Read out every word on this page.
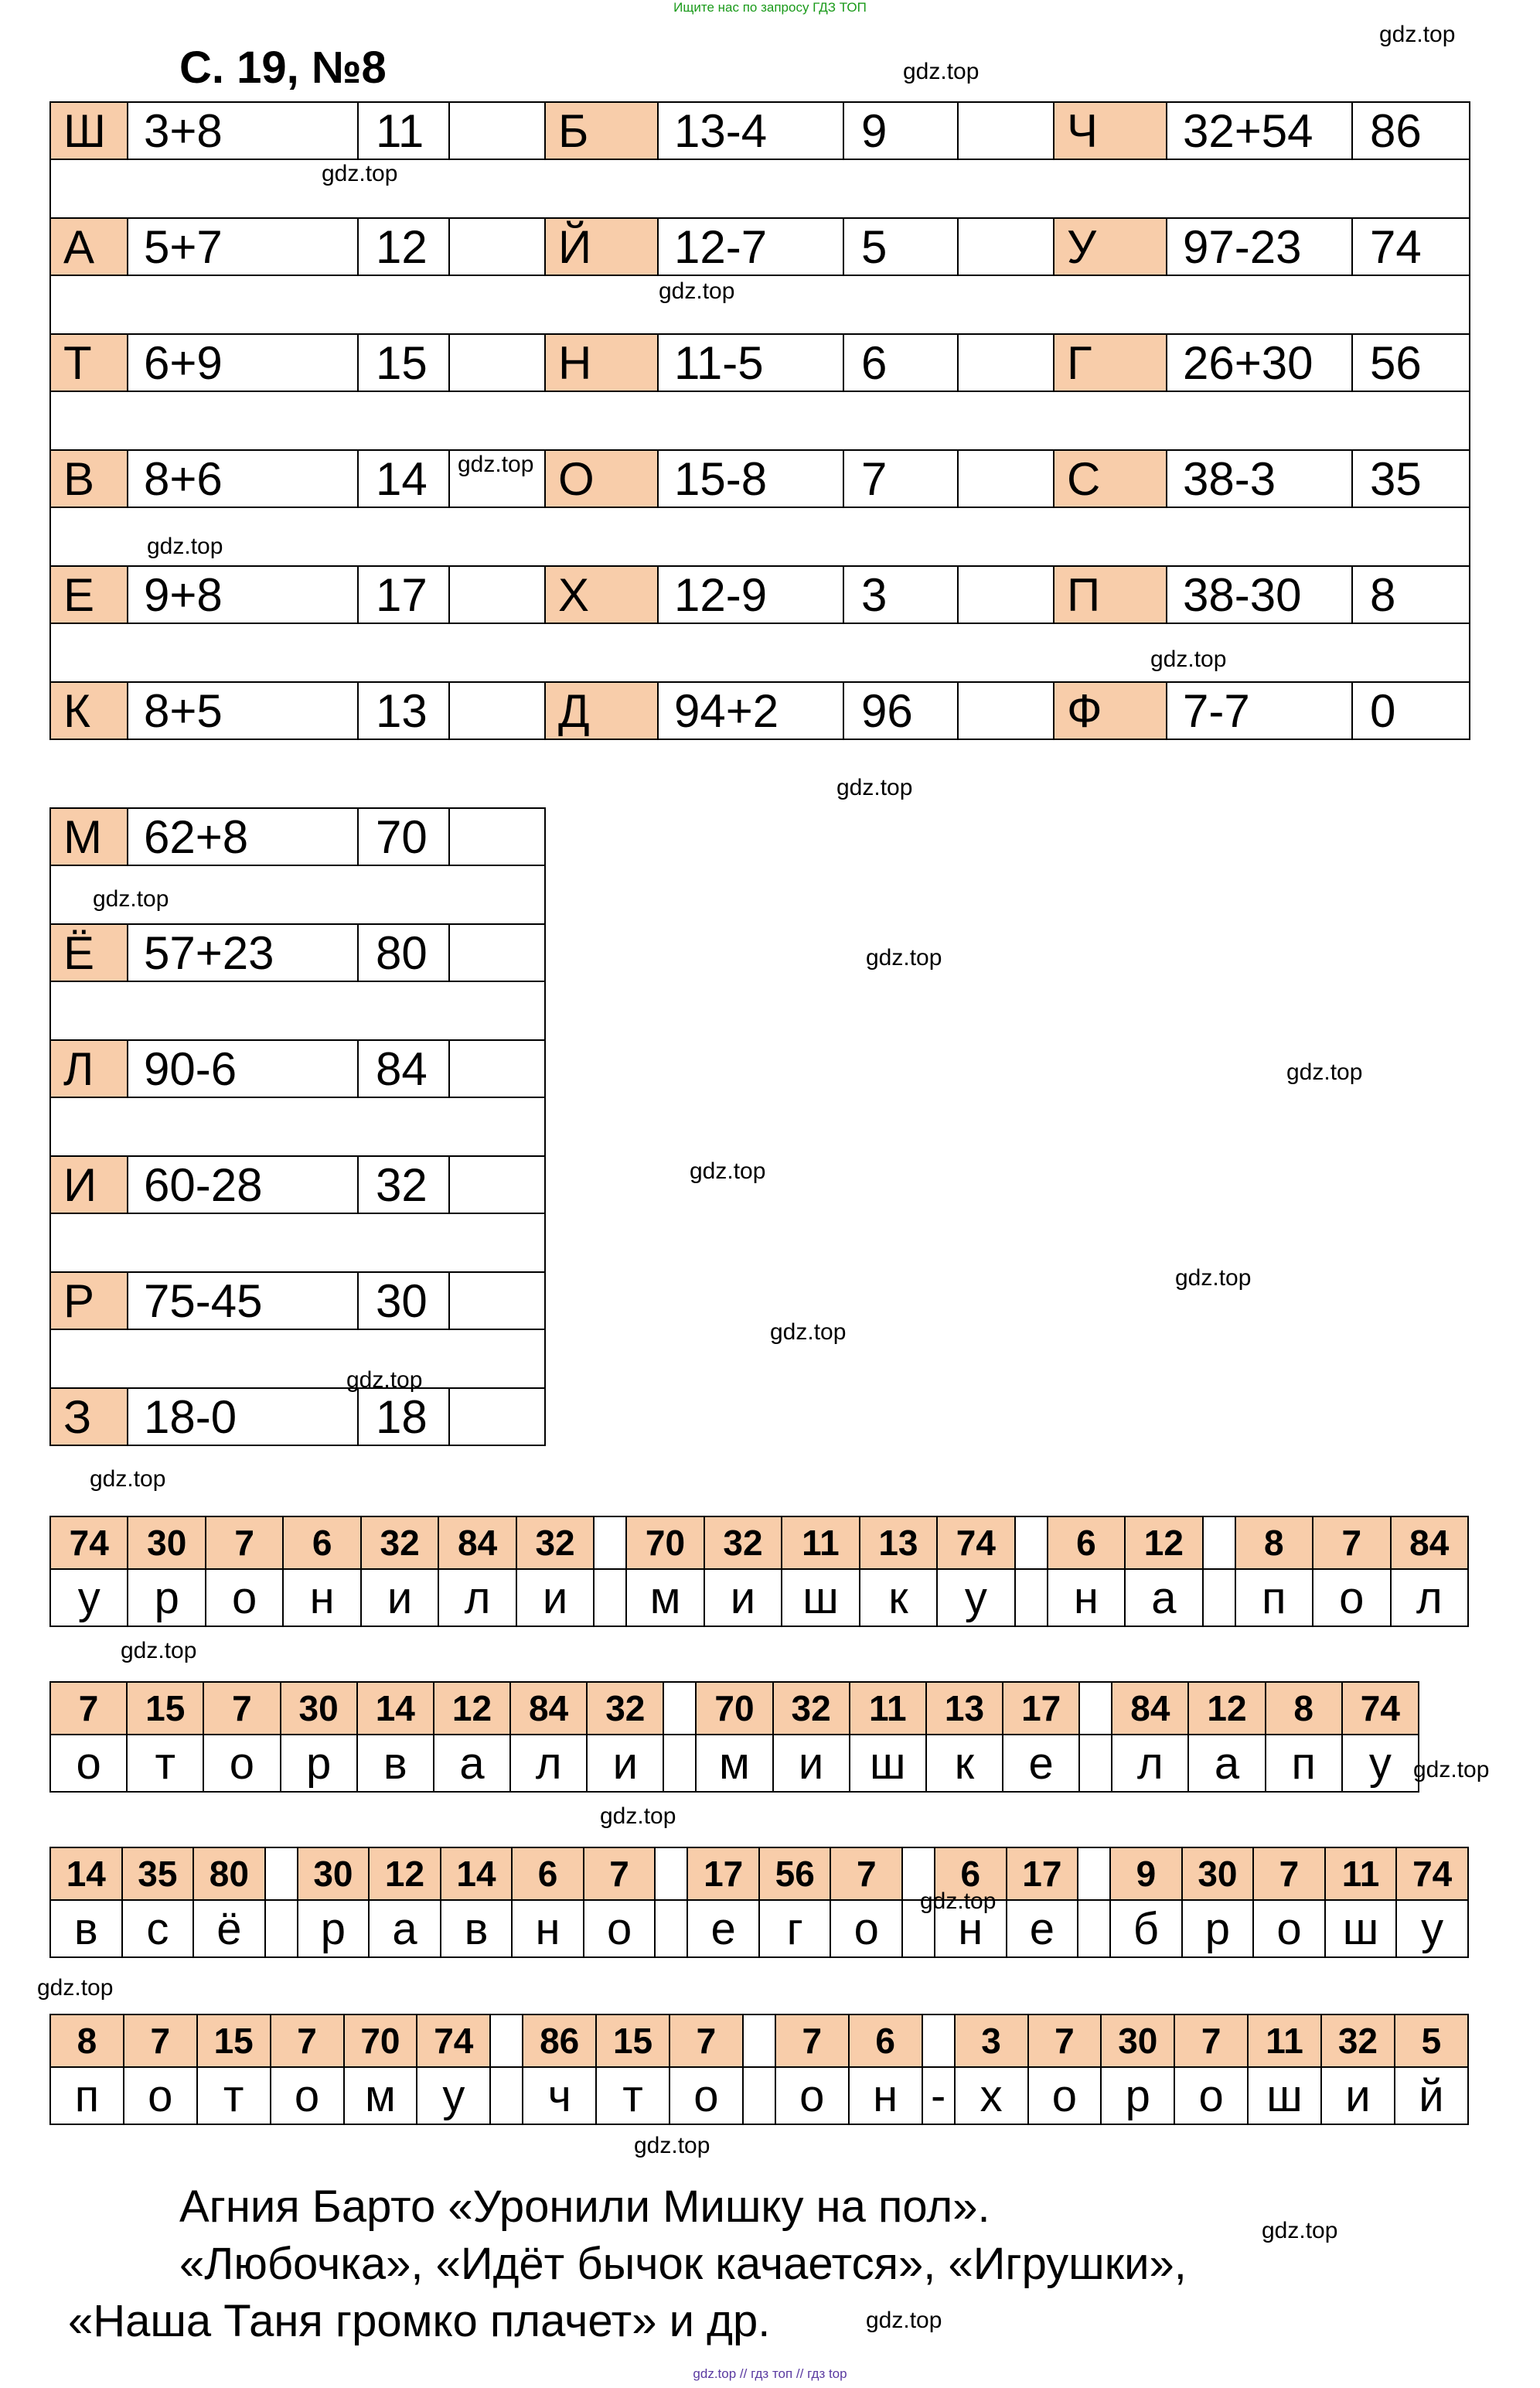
Ищите нас по запросу ГДЗ ТОП
С. 19, №8
Ш	3+8	11		Б	13-4	9		Ч	32+54	86

А	5+7	12		Й	12-7	5		У	97-23	74

Т	6+9	15		Н	11-5	6		Г	26+30	56

В	8+6	14		О	15-8	7		С	38-3	35

Е	9+8	17		Х	12-9	3		П	38-30	8

К	8+5	13		Д	94+2	96		Ф	7-7	0
М	62+8	70	

Ё	57+23	80	

Л	90-6	84	

И	60-28	32	

Р	75-45	30	

З	18-0	18	
74	30	7	6	32	84	32		70	32	11	13	74		6	12		8	7	84
у	р	о	н	и	л	и		м	и	ш	к	у		н	а		п	о	л
7	15	7	30	14	12	84	32		70	32	11	13	17		84	12	8	74
о	т	о	р	в	а	л	и		м	и	ш	к	е		л	а	п	у
14	35	80		30	12	14	6	7		17	56	7		6	17		9	30	7	11	74
в	с	ё		р	а	в	н	о		е	г	о		н	е		б	р	о	ш	у
8	7	15	7	70	74		86	15	7		7	6		3	7	30	7	11	32	5
п	о	т	о	м	у		ч	т	о		о	н	-	х	о	р	о	ш	и	й
Агния Барто «Уронили Мишку на пол».
«Любочка», «Идёт бычок качается», «Игрушки»,
«Наша Таня громко плачет» и др.
gdz.top
gdz.top
gdz.top
gdz.top
gdz.top
gdz.top
gdz.top
gdz.top
gdz.top
gdz.top
gdz.top
gdz.top
gdz.top
gdz.top
gdz.top
gdz.top
gdz.top
gdz.top
gdz.top
gdz.top
gdz.top
gdz.top
gdz.top
gdz.top
gdz.top // гдз топ // гдз top
